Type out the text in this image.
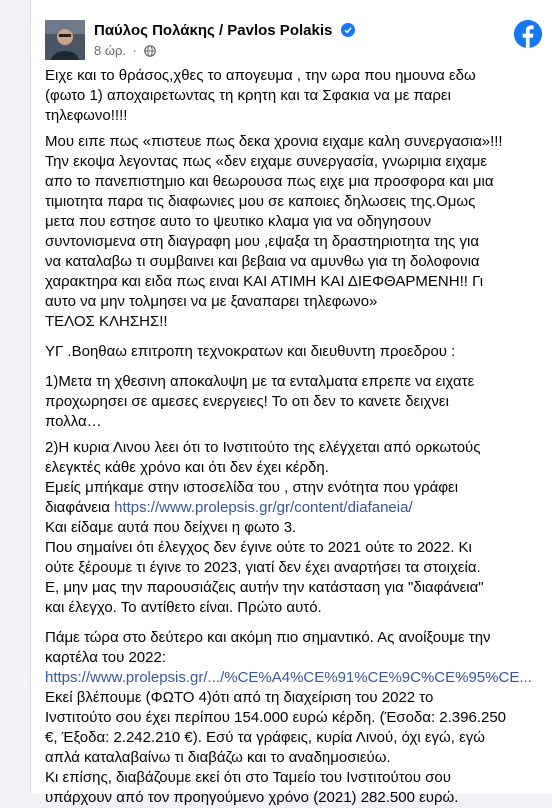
Παύλος Πολάκης / Pavlos Polakis
8 ώρ. ·

Ειχε και το θράσος,χθες το απογευμα , την ωρα που ημουνα εδω

(φωτο 1) αποχαιρετωντας τη κρητη και τα Σφακια να με παρει

τηλεφωνο!!!!

Μου ειπε πως «πιστευε πως δεκα χρονια ειχαμε καλη συνεργασια»!!!

Την εκοψα λεγοντας πως «δεν ειχαμε συνεργασία, γνωριμια ειχαμε

απο το πανεπιστημιο και θεωρουσα πως ειχε μια προσφορα και μια

τιμιοτητα παρα τις διαφωνιες μου σε καποιες δηλωσεις της.Ομως

μετα που εστησε αυτο το ψευτικο κλαμα για να οδηγησουν

συντονισμενα στη διαγραφη μου ,εψαξα τη δραστηριοτητα της για

να καταλαβω τι συμβαινει και βεβαια να αμυνθω για τη δολοφονια

χαρακτηρα και ειδα πως ειναι ΚΑΙ ΑΤΙΜΗ ΚΑΙ ΔΙΕΦΘΑΡΜΕΝΗ!! Γι

αυτο να μην τολμησει να με ξαναπαρει τηλεφωνο»

ΤΕΛΟΣ ΚΛΗΣΗΣ!!

ΥΓ .Βοηθαω επιτροπη τεχνοκρατων και διευθυντη προεδρου :

1)Μετα τη χθεσινη αποκαλυψη με τα ενταλματα επρεπε να ειχατε

προχωρησει σε αμεσες ενεργειες! Το οτι δεν το κανετε δειχνει

πολλα…

2)Η κυρια Λινου λεει ότι το Ινστιτούτο της ελέγχεται από ορκωτούς

ελεγκτές κάθε χρόνο και ότι δεν έχει κέρδη.

Εμείς μπήκαμε στην ιστοσελίδα του , στην ενότητα που γράφει

διαφάνεια https://www.prolepsis.gr/gr/content/diafaneia/

Και είδαμε αυτά που δείχνει η φωτο 3.

Που σημαίνει ότι έλεγχος δεν έγινε ούτε το 2021 ούτε το 2022. Κι

ούτε ξέρουμε τι έγινε το 2023, γιατί δεν έχει αναρτήσει τα στοιχεία.

Ε, μην μας την παρουσιάζεις αυτήν την κατάσταση για "διαφάνεια"

και έλεγχο. Το αντίθετο είναι. Πρώτο αυτό.

Πάμε τώρα στο δεύτερο και ακόμη πιο σημαντικό. Ας ανοίξουμε την

καρτέλα του 2022:

https://www.prolepsis.gr/.../%CE%A4%CE%91%CE%9C%CE%95%CE...

Εκεί βλέπουμε (ΦΩΤΟ 4)ότι από τη διαχείριση του 2022 το

Ινστιτούτο σου έχει περίπου 154.000 ευρώ κέρδη. (Έσοδα: 2.396.250

€, Έξοδα: 2.242.210 €). Εσύ τα γράφεις, κυρία Λινού, όχι εγώ, εγώ

απλά καταλαβαίνω τι διαβάζω και το αναδημοσιεύω.

Κι επίσης, διαβάζουμε εκεί ότι στο Ταμείο του Ινστιτούτου σου

υπάρχουν από τον προηγούμενο χρόνο (2021) 282.500 ευρώ.
